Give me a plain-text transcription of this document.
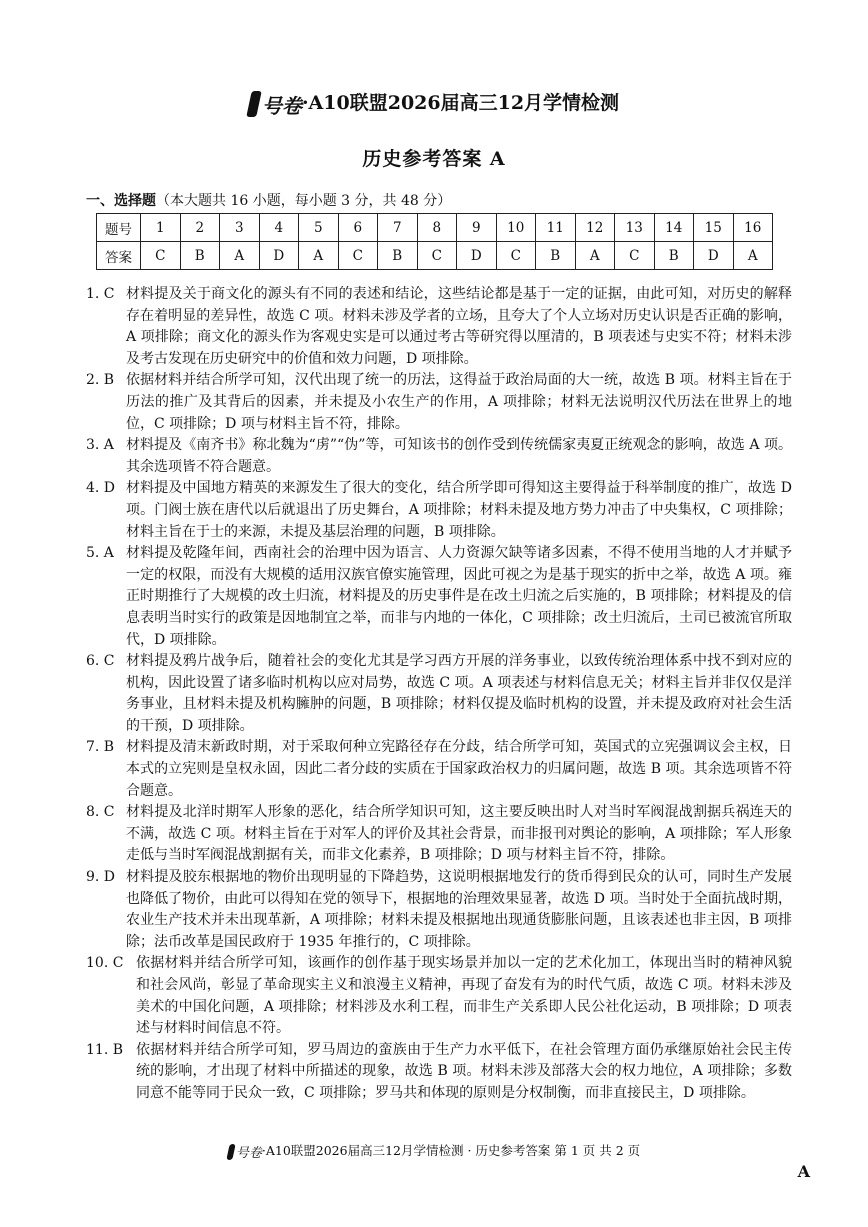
号卷·A10联盟2026届高三12月学情检测
历史参考答案 A
一、选择题（本大题共 16 小题，每小题 3 分，共 48 分）
题号	1	2	3	4	5	6	7	8	9	10	11	12	13	14	15	16
答案	C	B	A	D	A	C	B	C	D	C	B	A	C	B	D	A
1. C 材料提及关于商文化的源头有不同的表述和结论，这些结论都是基于一定的证据，由此可知，对历史的解释存在着明显的差异性，故选 C 项。材料未涉及学者的立场，且夸大了个人立场对历史认识是否正确的影响，A 项排除；商文化的源头作为客观史实是可以通过考古等研究得以厘清的，B 项表述与史实不符；材料未涉及考古发现在历史研究中的价值和效力问题，D 项排除。
2. B 依据材料并结合所学可知，汉代出现了统一的历法，这得益于政治局面的大一统，故选 B 项。材料主旨在于历法的推广及其背后的因素，并未提及小农生产的作用，A 项排除；材料无法说明汉代历法在世界上的地位，C 项排除；D 项与材料主旨不符，排除。
3. A 材料提及《南齐书》称北魏为“虏”“伪”等，可知该书的创作受到传统儒家夷夏正统观念的影响，故选 A 项。其余选项皆不符合题意。
4. D 材料提及中国地方精英的来源发生了很大的变化，结合所学即可得知这主要得益于科举制度的推广，故选 D 项。门阀士族在唐代以后就退出了历史舞台，A 项排除；材料未提及地方势力冲击了中央集权，C 项排除；材料主旨在于士的来源，未提及基层治理的问题，B 项排除。
5. A 材料提及乾隆年间，西南社会的治理中因为语言、人力资源欠缺等诸多因素，不得不使用当地的人才并赋予一定的权限，而没有大规模的适用汉族官僚实施管理，因此可视之为是基于现实的折中之举，故选 A 项。雍正时期推行了大规模的改土归流，材料提及的历史事件是在改土归流之后实施的，B 项排除；材料提及的信息表明当时实行的政策是因地制宜之举，而非与内地的一体化，C 项排除；改土归流后，土司已被流官所取代，D 项排除。
6. C 材料提及鸦片战争后，随着社会的变化尤其是学习西方开展的洋务事业，以致传统治理体系中找不到对应的机构，因此设置了诸多临时机构以应对局势，故选 C 项。A 项表述与材料信息无关；材料主旨并非仅仅是洋务事业，且材料未提及机构臃肿的问题，B 项排除；材料仅提及临时机构的设置，并未提及政府对社会生活的干预，D 项排除。
7. B 材料提及清末新政时期，对于采取何种立宪路径存在分歧，结合所学可知，英国式的立宪强调议会主权，日本式的立宪则是皇权永固，因此二者分歧的实质在于国家政治权力的归属问题，故选 B 项。其余选项皆不符合题意。
8. C 材料提及北洋时期军人形象的恶化，结合所学知识可知，这主要反映出时人对当时军阀混战割据兵祸连天的不满，故选 C 项。材料主旨在于对军人的评价及其社会背景，而非报刊对舆论的影响，A 项排除；军人形象走低与当时军阀混战割据有关，而非文化素养，B 项排除；D 项与材料主旨不符，排除。
9. D 材料提及胶东根据地的物价出现明显的下降趋势，这说明根据地发行的货币得到民众的认可，同时生产发展也降低了物价，由此可以得知在党的领导下，根据地的治理效果显著，故选 D 项。当时处于全面抗战时期，农业生产技术并未出现革新，A 项排除；材料未提及根据地出现通货膨胀问题，且该表述也非主因，B 项排除；法币改革是国民政府于 1935 年推行的，C 项排除。
10. C 依据材料并结合所学可知，该画作的创作基于现实场景并加以一定的艺术化加工，体现出当时的精神风貌和社会风尚，彰显了革命现实主义和浪漫主义精神，再现了奋发有为的时代气质，故选 C 项。材料未涉及美术的中国化问题，A 项排除；材料涉及水利工程，而非生产关系即人民公社化运动，B 项排除；D 项表述与材料时间信息不符。
11. B 依据材料并结合所学可知，罗马周边的蛮族由于生产力水平低下，在社会管理方面仍承继原始社会民主传统的影响，才出现了材料中所描述的现象，故选 B 项。材料未涉及部落大会的权力地位，A 项排除；多数同意不能等同于民众一致，C 项排除；罗马共和体现的原则是分权制衡，而非直接民主，D 项排除。
号卷·A10联盟2026届高三12月学情检测 · 历史参考答案 第 1 页 共 2 页
A
